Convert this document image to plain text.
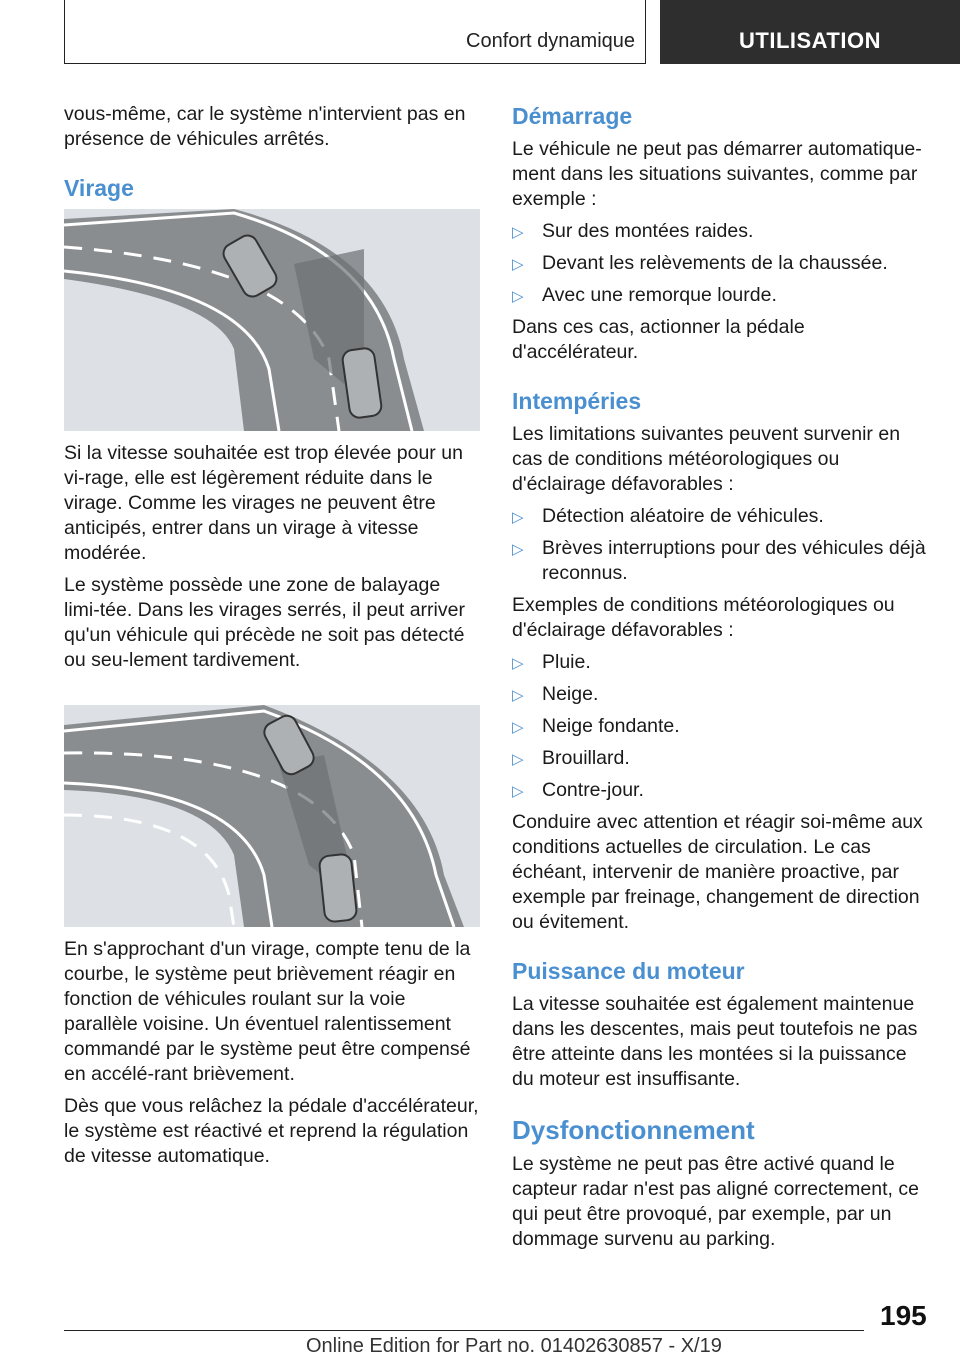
Confort dynamique	UTILISATION

vous-même, car le système n'intervient pas en présence de véhicules arrêtés.

Virage

Si la vitesse souhaitée est trop élevée pour un vi‐rage, elle est légèrement réduite dans le virage. Comme les virages ne peuvent être anticipés, entrer dans un virage à vitesse modérée.

Le système possède une zone de balayage limi‐tée. Dans les virages serrés, il peut arriver qu'un véhicule qui précède ne soit pas détecté ou seu‐lement tardivement.

En s'approchant d'un virage, compte tenu de la courbe, le système peut brièvement réagir en fonction de véhicules roulant sur la voie parallèle voisine. Un éventuel ralentissement commandé par le système peut être compensé en accélé‐rant brièvement.

Dès que vous relâchez la pédale d'accélérateur, le système est réactivé et reprend la régulation de vitesse automatique.

Démarrage

Le véhicule ne peut pas démarrer automatique‐ment dans les situations suivantes, comme par exemple :

▷ Sur des montées raides.
▷ Devant les relèvements de la chaussée.
▷ Avec une remorque lourde.

Dans ces cas, actionner la pédale d'accélérateur.

Intempéries

Les limitations suivantes peuvent survenir en cas de conditions météorologiques ou d'éclairage défavorables :

▷ Détection aléatoire de véhicules.
▷ Brèves interruptions pour des véhicules déjà reconnus.

Exemples de conditions météorologiques ou d'éclairage défavorables :

▷ Pluie.
▷ Neige.
▷ Neige fondante.
▷ Brouillard.
▷ Contre-jour.

Conduire avec attention et réagir soi-même aux conditions actuelles de circulation. Le cas échéant, intervenir de manière proactive, par exemple par freinage, changement de direction ou évitement.

Puissance du moteur

La vitesse souhaitée est également maintenue dans les descentes, mais peut toutefois ne pas être atteinte dans les montées si la puissance du moteur est insuffisante.

Dysfonctionnement

Le système ne peut pas être activé quand le capteur radar n'est pas aligné correctement, ce qui peut être provoqué, par exemple, par un dommage survenu au parking.

195
Online Edition for Part no. 01402630857 - X/19
